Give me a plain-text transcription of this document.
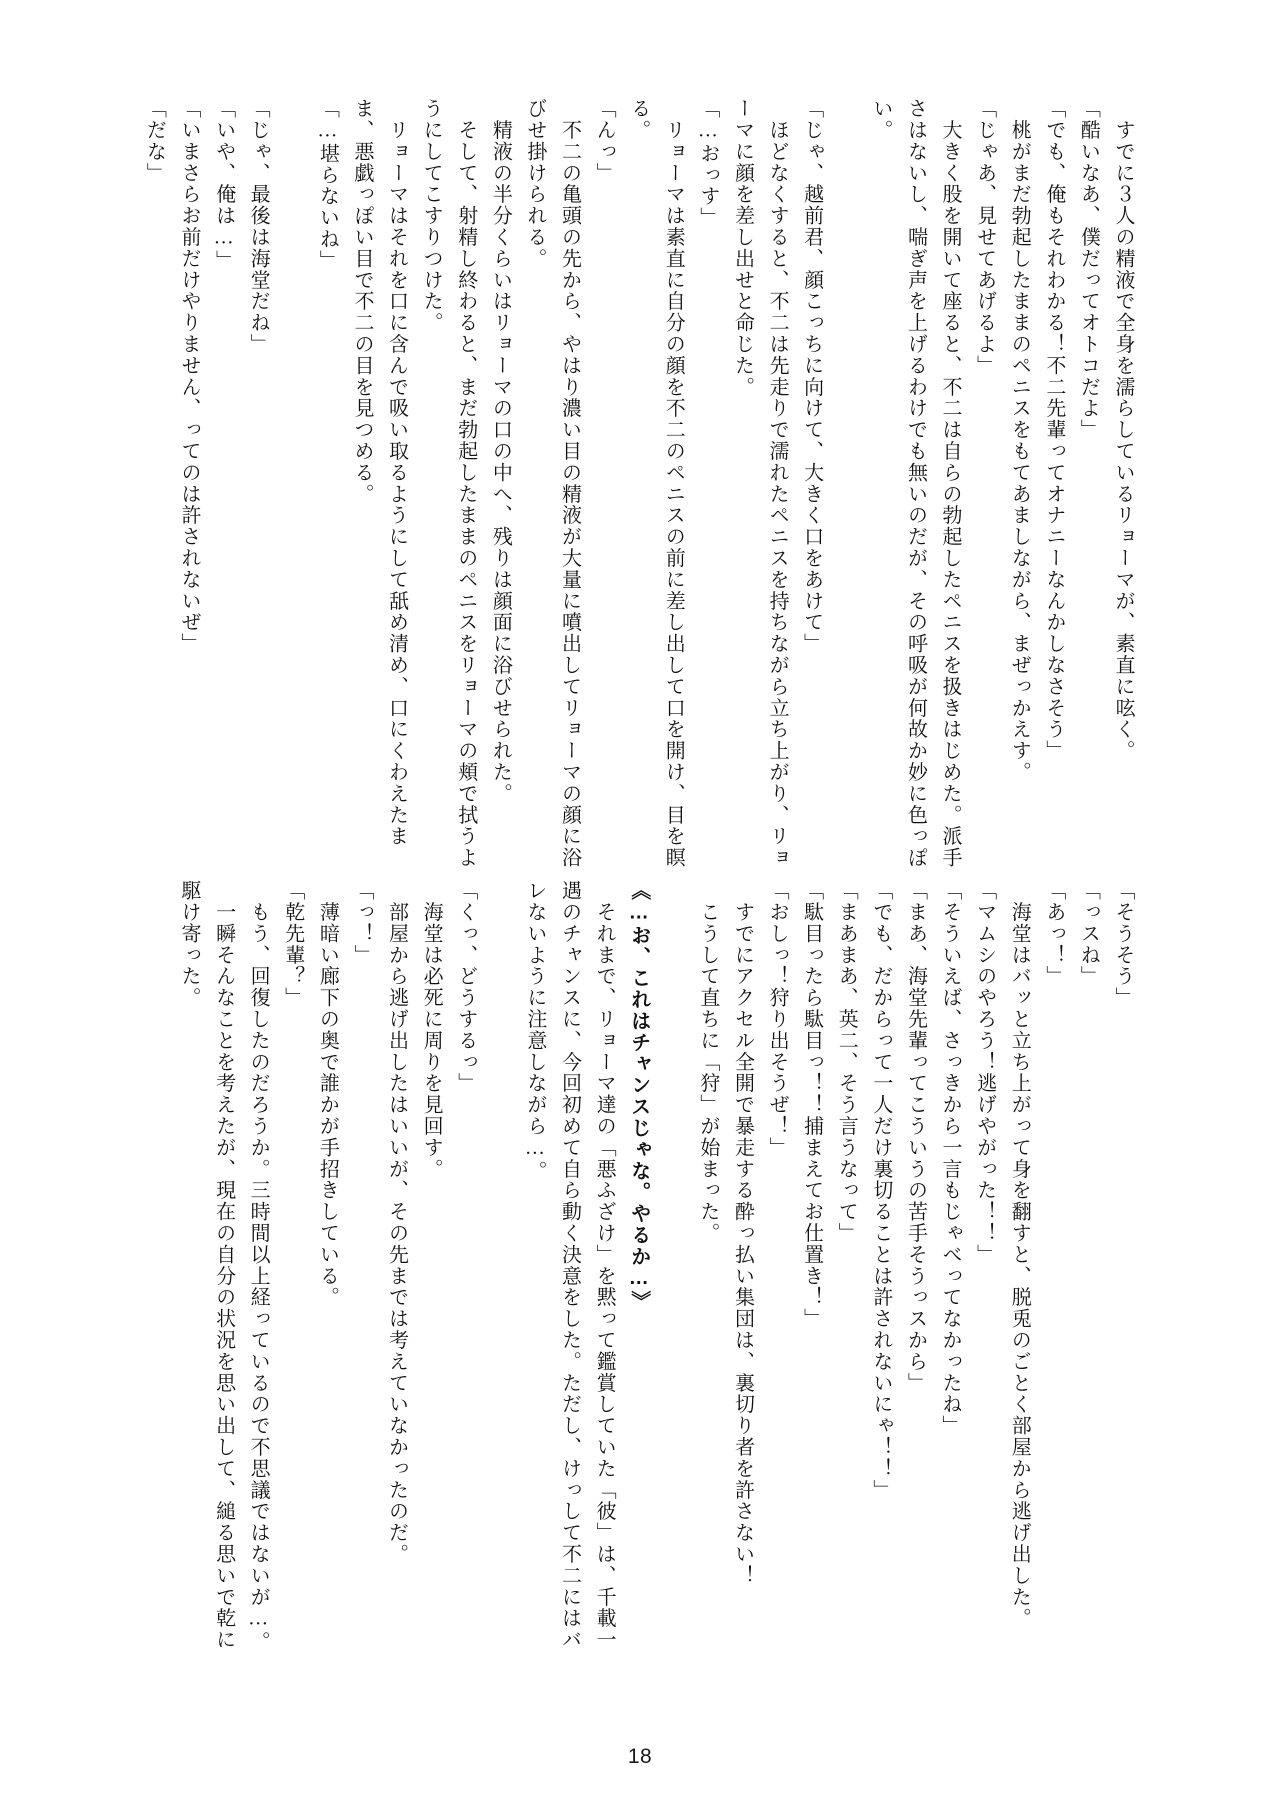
　すでに３人の精液で全身を濡らしているリョーマが、素直に呟く。

「酷いなあ、僕だってオトコだよ」

「でも、俺もそれわかる！不二先輩ってオナニーなんかしなさそう」

　桃がまだ勃起したままのペニスをもてあましながら、まぜっかえす。

「じゃあ、見せてあげるよ」

　大きく股を開いて座ると、不二は自らの勃起したペニスを扱きはじめた。派手

さはないし、喘ぎ声を上げるわけでも無いのだが、その呼吸が何故か妙に色っぽ

い。

「じゃ、越前君、顔こっちに向けて、大きく口をあけて」

　ほどなくすると、不二は先走りで濡れたペニスを持ちながら立ち上がり、リョ

ーマに顔を差し出せと命じた。

「…おっす」

　リョーマは素直に自分の顔を不二のペニスの前に差し出して口を開け、目を瞑

る。

「んっ」

　不二の亀頭の先から、やはり濃い目の精液が大量に噴出してリョーマの顔に浴

びせ掛けられる。

　精液の半分くらいはリョーマの口の中へ、残りは顔面に浴びせられた。

　そして、射精し終わると、まだ勃起したままのペニスをリョーマの頬で拭うよ

うにしてこすりつけた。

　リョーマはそれを口に含んで吸い取るようにして舐め清め、口にくわえたま

ま、悪戯っぽい目で不二の目を見つめる。

「…堪らないね」

「じゃ、最後は海堂だね」

「いや、俺は…」

「いまさらお前だけやりません、ってのは許されないぜ」

「だな」

「そうそう」

「っスね」

「あっ！」

　海堂はバッと立ち上がって身を翻すと、脱兎のごとく部屋から逃げ出した。

「マムシのやろう！逃げやがった！！」

「そういえば、さっきから一言もじゃべってなかったね」

「まあ、海堂先輩ってこういうの苦手そうっスから」

「でも、だからって一人だけ裏切ることは許されないにゃ！！」

「まあまあ、英二、そう言うなって」

「駄目ったら駄目っ！！捕まえてお仕置き！」

「おしっ！狩り出そうぜ！」

　すでにアクセル全開で暴走する酔っ払い集団は、裏切り者を許さない！

　こうして直ちに「狩」が始まった。

《…お、これはチャンスじゃな。やるか…》

　それまで、リョーマ達の「悪ふざけ」を黙って鑑賞していた「彼」は、千載一

遇のチャンスに、今回初めて自ら動く決意をした。ただし、けっして不二にはバ

レないように注意しながら…。

「くっ、どうするっ」

　海堂は必死に周りを見回す。

　部屋から逃げ出したはいいが、その先までは考えていなかったのだ。

「っ！」

　薄暗い廊下の奥で誰かが手招きしている。

「乾先輩？」

　もう、回復したのだろうか。三時間以上経っているので不思議ではないが…。

　一瞬そんなことを考えたが、現在の自分の状況を思い出して、縋る思いで乾に

駆け寄った。

18
